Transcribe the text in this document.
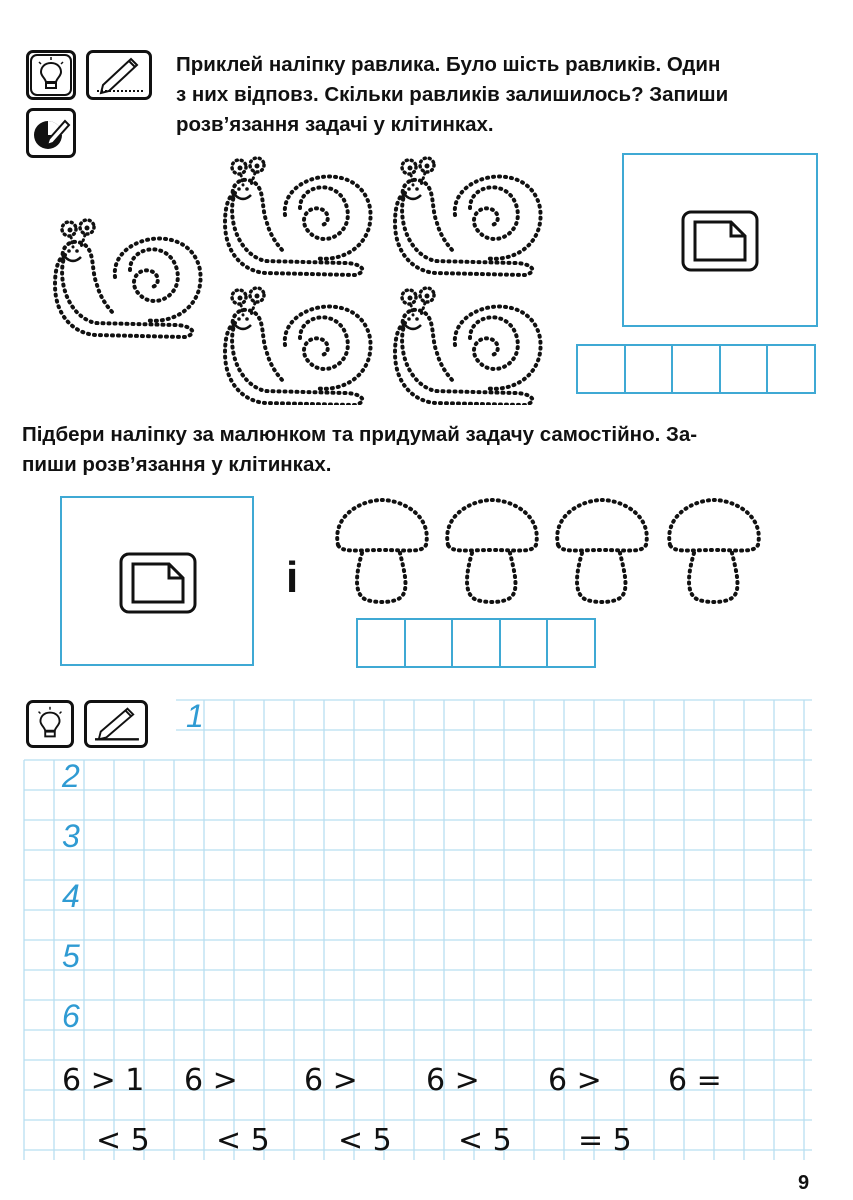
Приклей наліпку равлика. Було шість равликів. Один
з них відповз. Скільки равликів залишилось? Запиши
розв’язання задачі у клітинках.
Підбери наліпку за малюнком та придумай задачу самостійно. За-
пиши розв’язання у клітинках.
і
1
2
3
4
5
6
6 > 1 6 > 6 > 6 > 6 > 6 =
< 5 < 5 < 5 < 5 = 5
9
